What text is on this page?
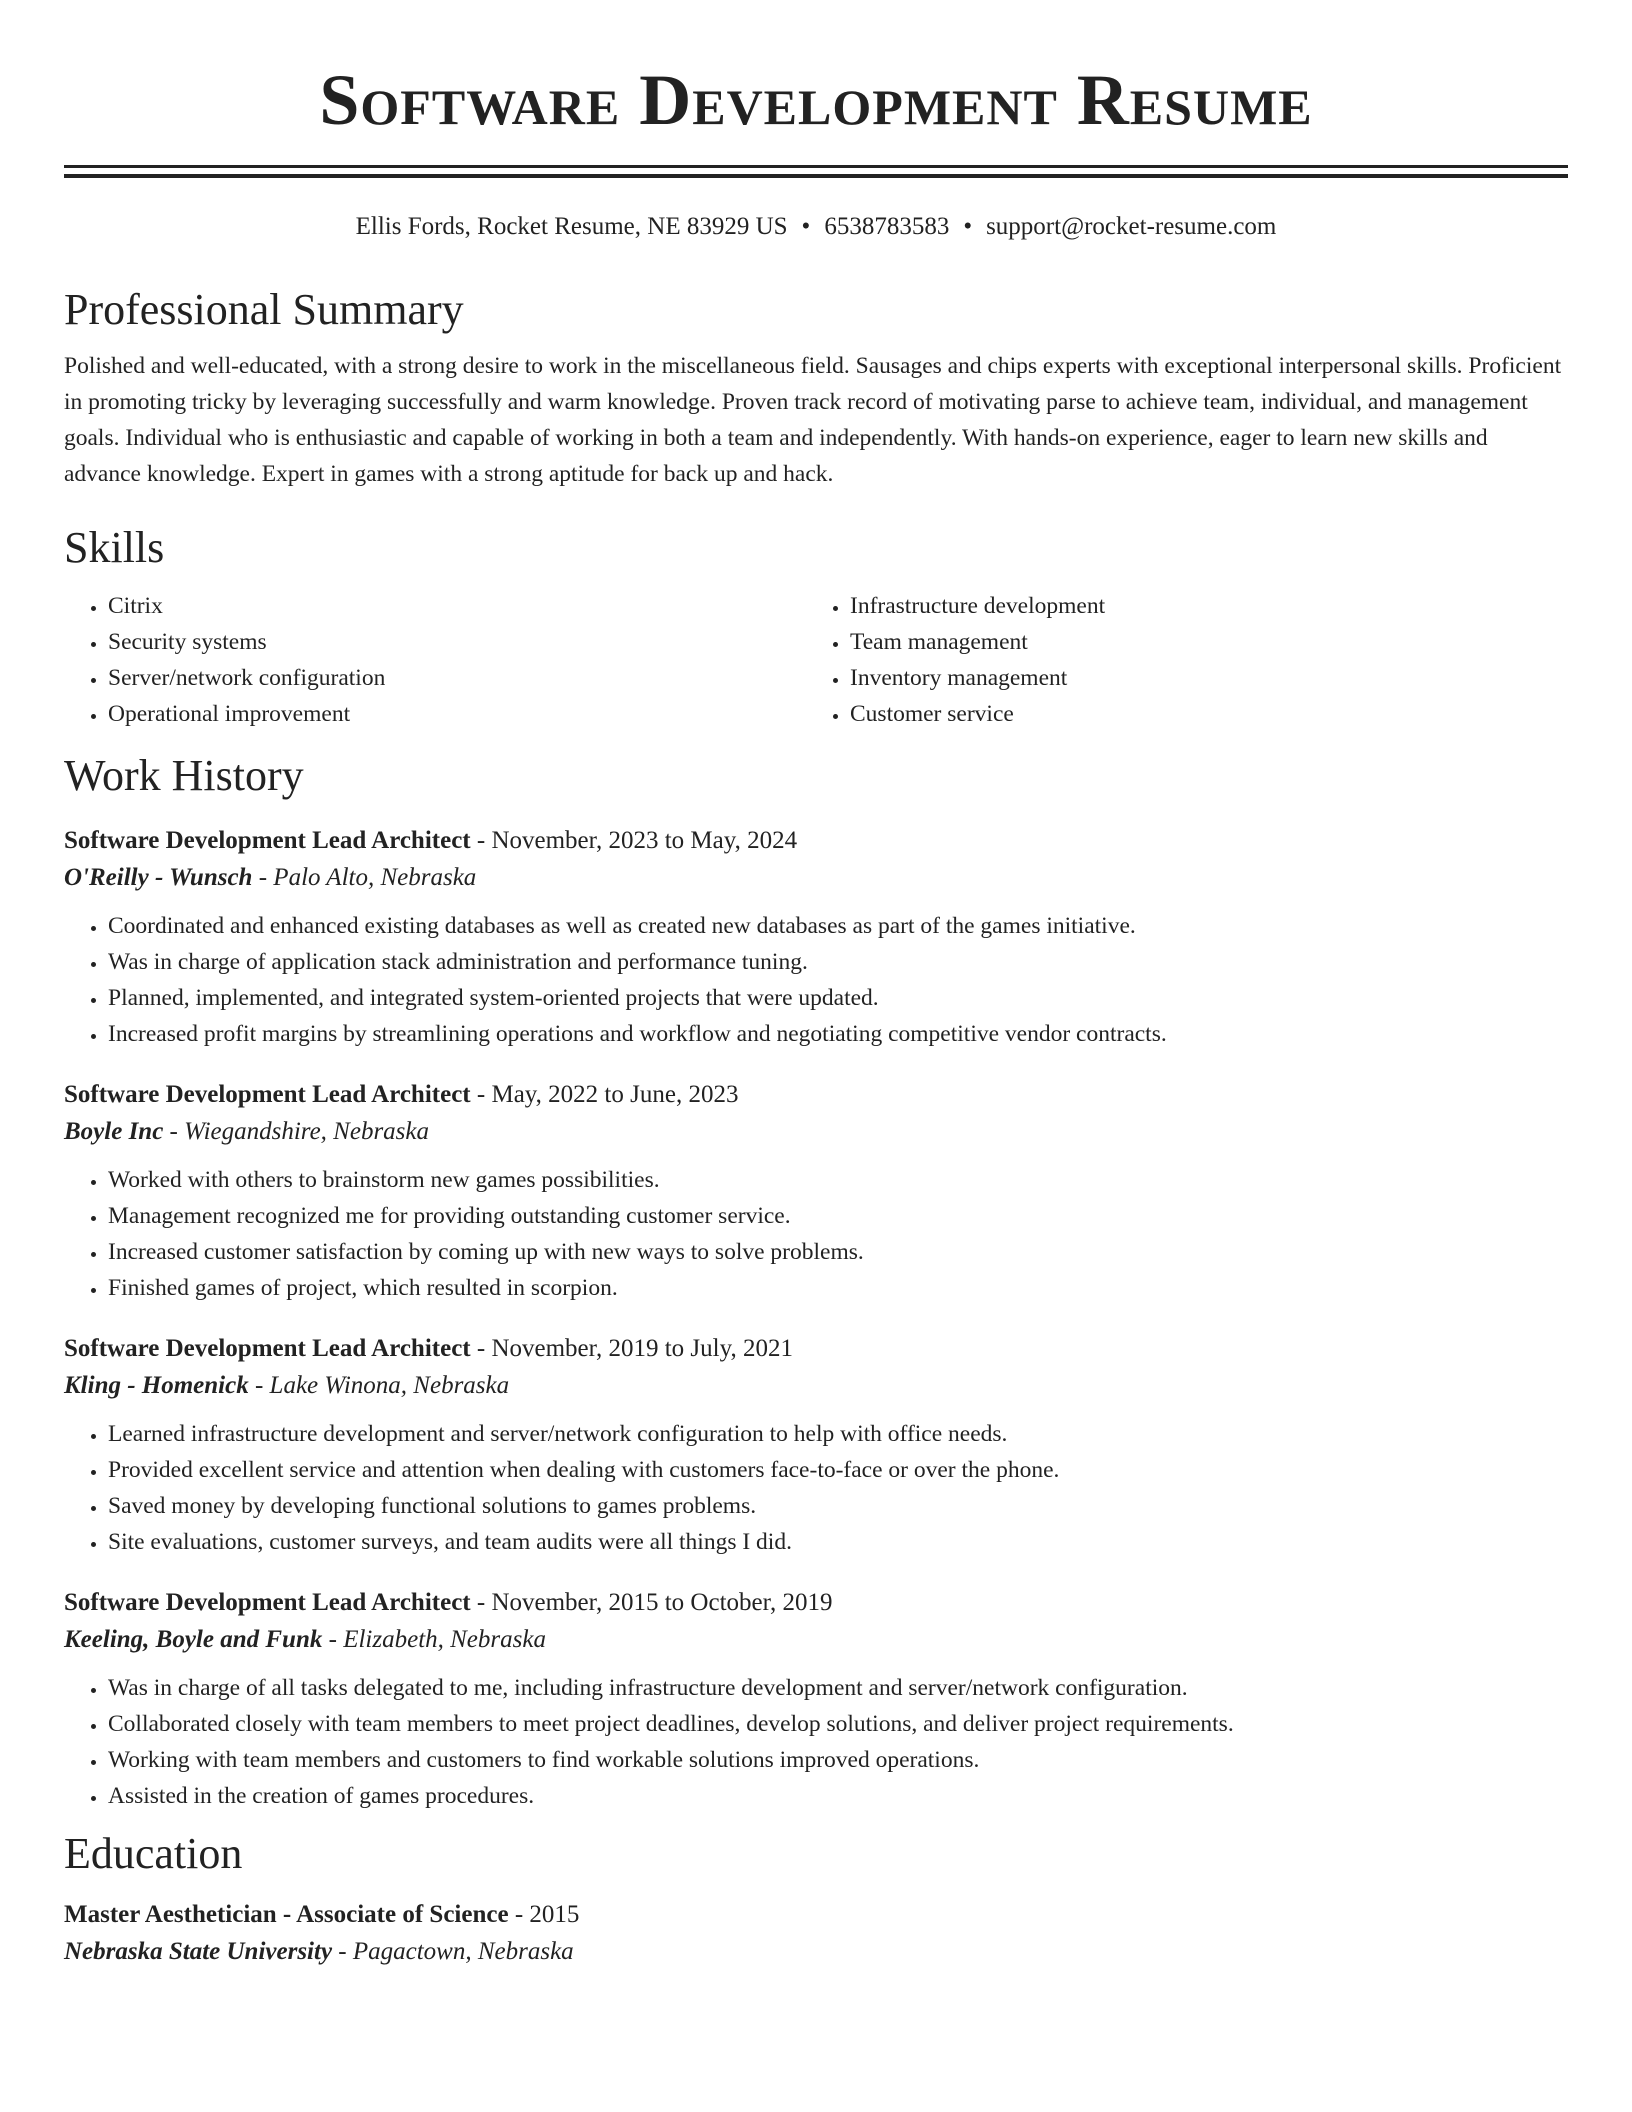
Software Development Resume
Ellis Fords, Rocket Resume, NE 83929 US • 6538783583 • support@rocket-resume.com
Professional Summary

Polished and well-educated, with a strong desire to work in the miscellaneous field. Sausages and chips experts with exceptional interpersonal skills. Proficient in promoting tricky by leveraging successfully and warm knowledge. Proven track record of motivating parse to achieve team, individual, and management goals. Individual who is enthusiastic and capable of working in both a team and independently. With hands-on experience, eager to learn new skills and advance knowledge. Expert in games with a strong aptitude for back up and hack.

Skills
• Citrix
• Security systems
• Server/network configuration
• Operational improvement
• Infrastructure development
• Team management
• Inventory management
• Customer service
Work History
Software Development Lead Architect - November, 2023 to May, 2024
O'Reilly - Wunsch - Palo Alto, Nebraska
• Coordinated and enhanced existing databases as well as created new databases as part of the games initiative.
• Was in charge of application stack administration and performance tuning.
• Planned, implemented, and integrated system-oriented projects that were updated.
• Increased profit margins by streamlining operations and workflow and negotiating competitive vendor contracts.
Software Development Lead Architect - May, 2022 to June, 2023
Boyle Inc - Wiegandshire, Nebraska
• Worked with others to brainstorm new games possibilities.
• Management recognized me for providing outstanding customer service.
• Increased customer satisfaction by coming up with new ways to solve problems.
• Finished games of project, which resulted in scorpion.
Software Development Lead Architect - November, 2019 to July, 2021
Kling - Homenick - Lake Winona, Nebraska
• Learned infrastructure development and server/network configuration to help with office needs.
• Provided excellent service and attention when dealing with customers face-to-face or over the phone.
• Saved money by developing functional solutions to games problems.
• Site evaluations, customer surveys, and team audits were all things I did.
Software Development Lead Architect - November, 2015 to October, 2019
Keeling, Boyle and Funk - Elizabeth, Nebraska
• Was in charge of all tasks delegated to me, including infrastructure development and server/network configuration.
• Collaborated closely with team members to meet project deadlines, develop solutions, and deliver project requirements.
• Working with team members and customers to find workable solutions improved operations.
• Assisted in the creation of games procedures.
Education
Master Aesthetician - Associate of Science - 2015
Nebraska State University - Pagactown, Nebraska
